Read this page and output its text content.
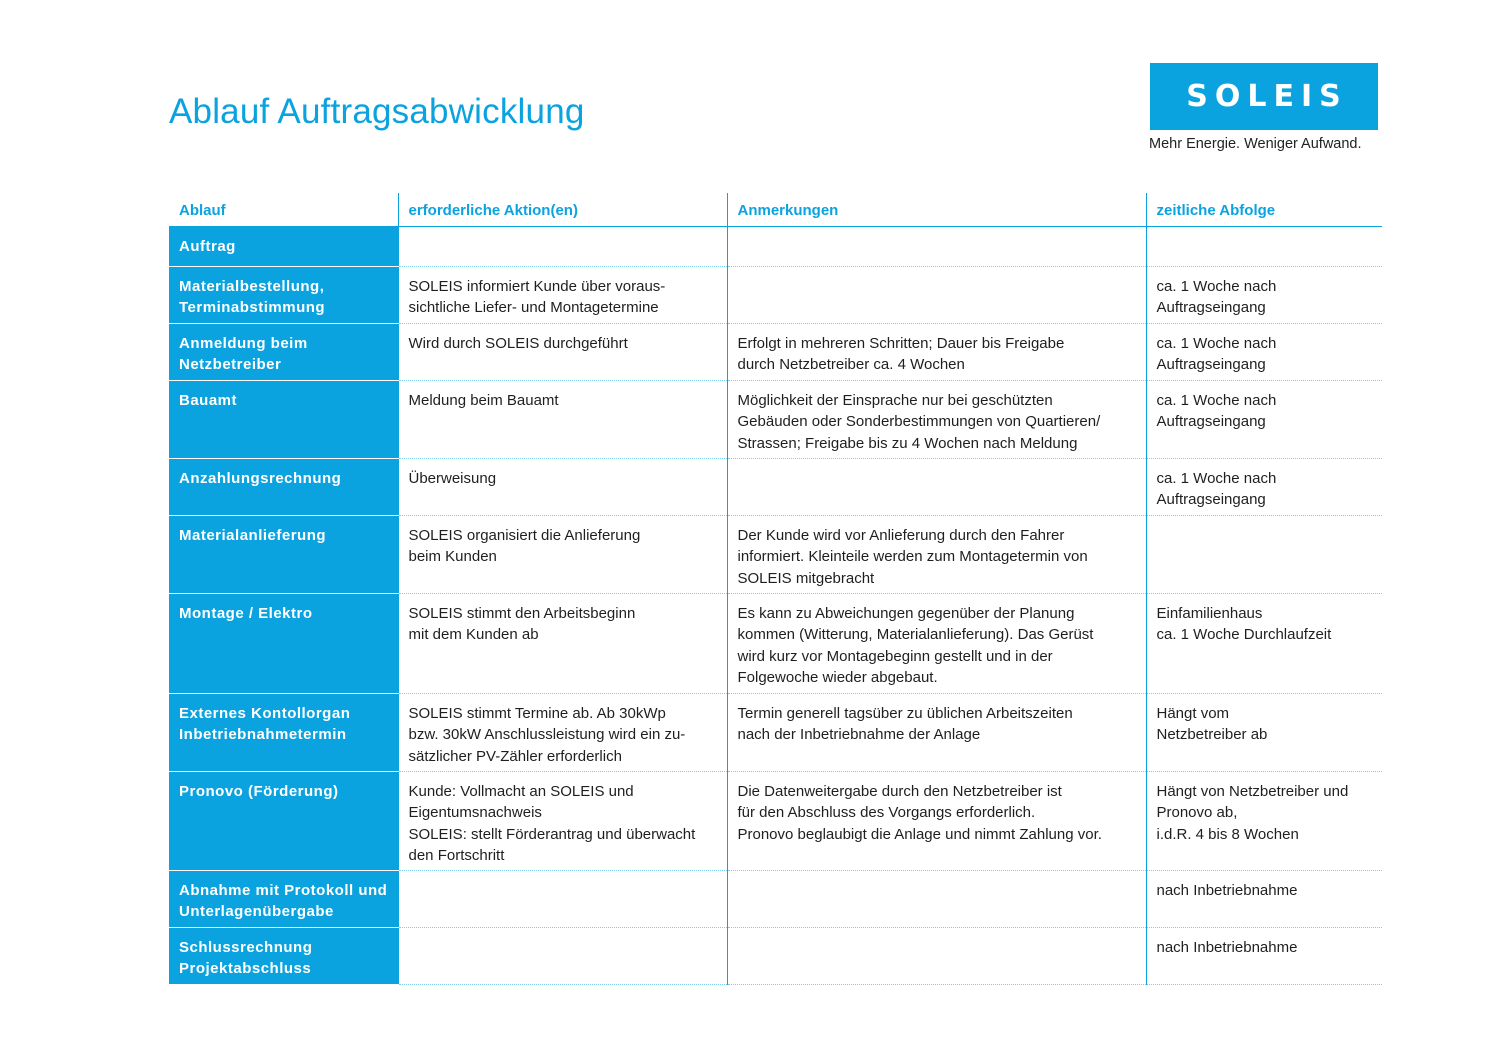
Ablauf Auftragsabwicklung	SOLEIS
Mehr Energie. Weniger Aufwand.
Ablauf	erforderliche Aktion(en)	Anmerkungen	zeitliche Abfolge
Auftrag			
Materialbestellung,
Terminabstimmung	SOLEIS informiert Kunde über voraus-
sichtliche Liefer- und Montagetermine		ca. 1 Woche nach
Auftragseingang
Anmeldung beim
Netzbetreiber	Wird durch SOLEIS durchgeführt	Erfolgt in mehreren Schritten; Dauer bis Freigabe
durch Netzbetreiber ca. 4 Wochen	ca. 1 Woche nach
Auftragseingang
Bauamt	Meldung beim Bauamt	Möglichkeit der Einsprache nur bei geschützten
Gebäuden oder Sonderbestimmungen von Quartieren/
Strassen; Freigabe bis zu 4 Wochen nach Meldung	ca. 1 Woche nach
Auftragseingang
Anzahlungsrechnung	Überweisung		ca. 1 Woche nach
Auftragseingang
Materialanlieferung	SOLEIS organisiert die Anlieferung
beim Kunden	Der Kunde wird vor Anlieferung durch den Fahrer
informiert. Kleinteile werden zum Montagetermin von
SOLEIS mitgebracht	
Montage / Elektro	SOLEIS stimmt den Arbeitsbeginn
mit dem Kunden ab	Es kann zu Abweichungen gegenüber der Planung
kommen (Witterung, Materialanlieferung). Das Gerüst
wird kurz vor Montagebeginn gestellt und in der
Folgewoche wieder abgebaut.	Einfamilienhaus
ca. 1 Woche Durchlaufzeit
Externes Kontollorgan
Inbetriebnahmetermin	SOLEIS stimmt Termine ab. Ab 30kWp
bzw. 30kW Anschlussleistung wird ein zu-
sätzlicher PV-Zähler erforderlich	Termin generell tagsüber zu üblichen Arbeitszeiten
nach der Inbetriebnahme der Anlage	Hängt vom
Netzbetreiber ab
Pronovo (Förderung)	Kunde: Vollmacht an SOLEIS und
Eigentumsnachweis
SOLEIS: stellt Förderantrag und überwacht
den Fortschritt	Die Datenweitergabe durch den Netzbetreiber ist
für den Abschluss des Vorgangs erforderlich.
Pronovo beglaubigt die Anlage und nimmt Zahlung vor.	Hängt von Netzbetreiber und
Pronovo ab,
i.d.R. 4 bis 8 Wochen
Abnahme mit Protokoll und
Unterlagenübergabe			nach Inbetriebnahme
Schlussrechnung
Projektabschluss			nach Inbetriebnahme
